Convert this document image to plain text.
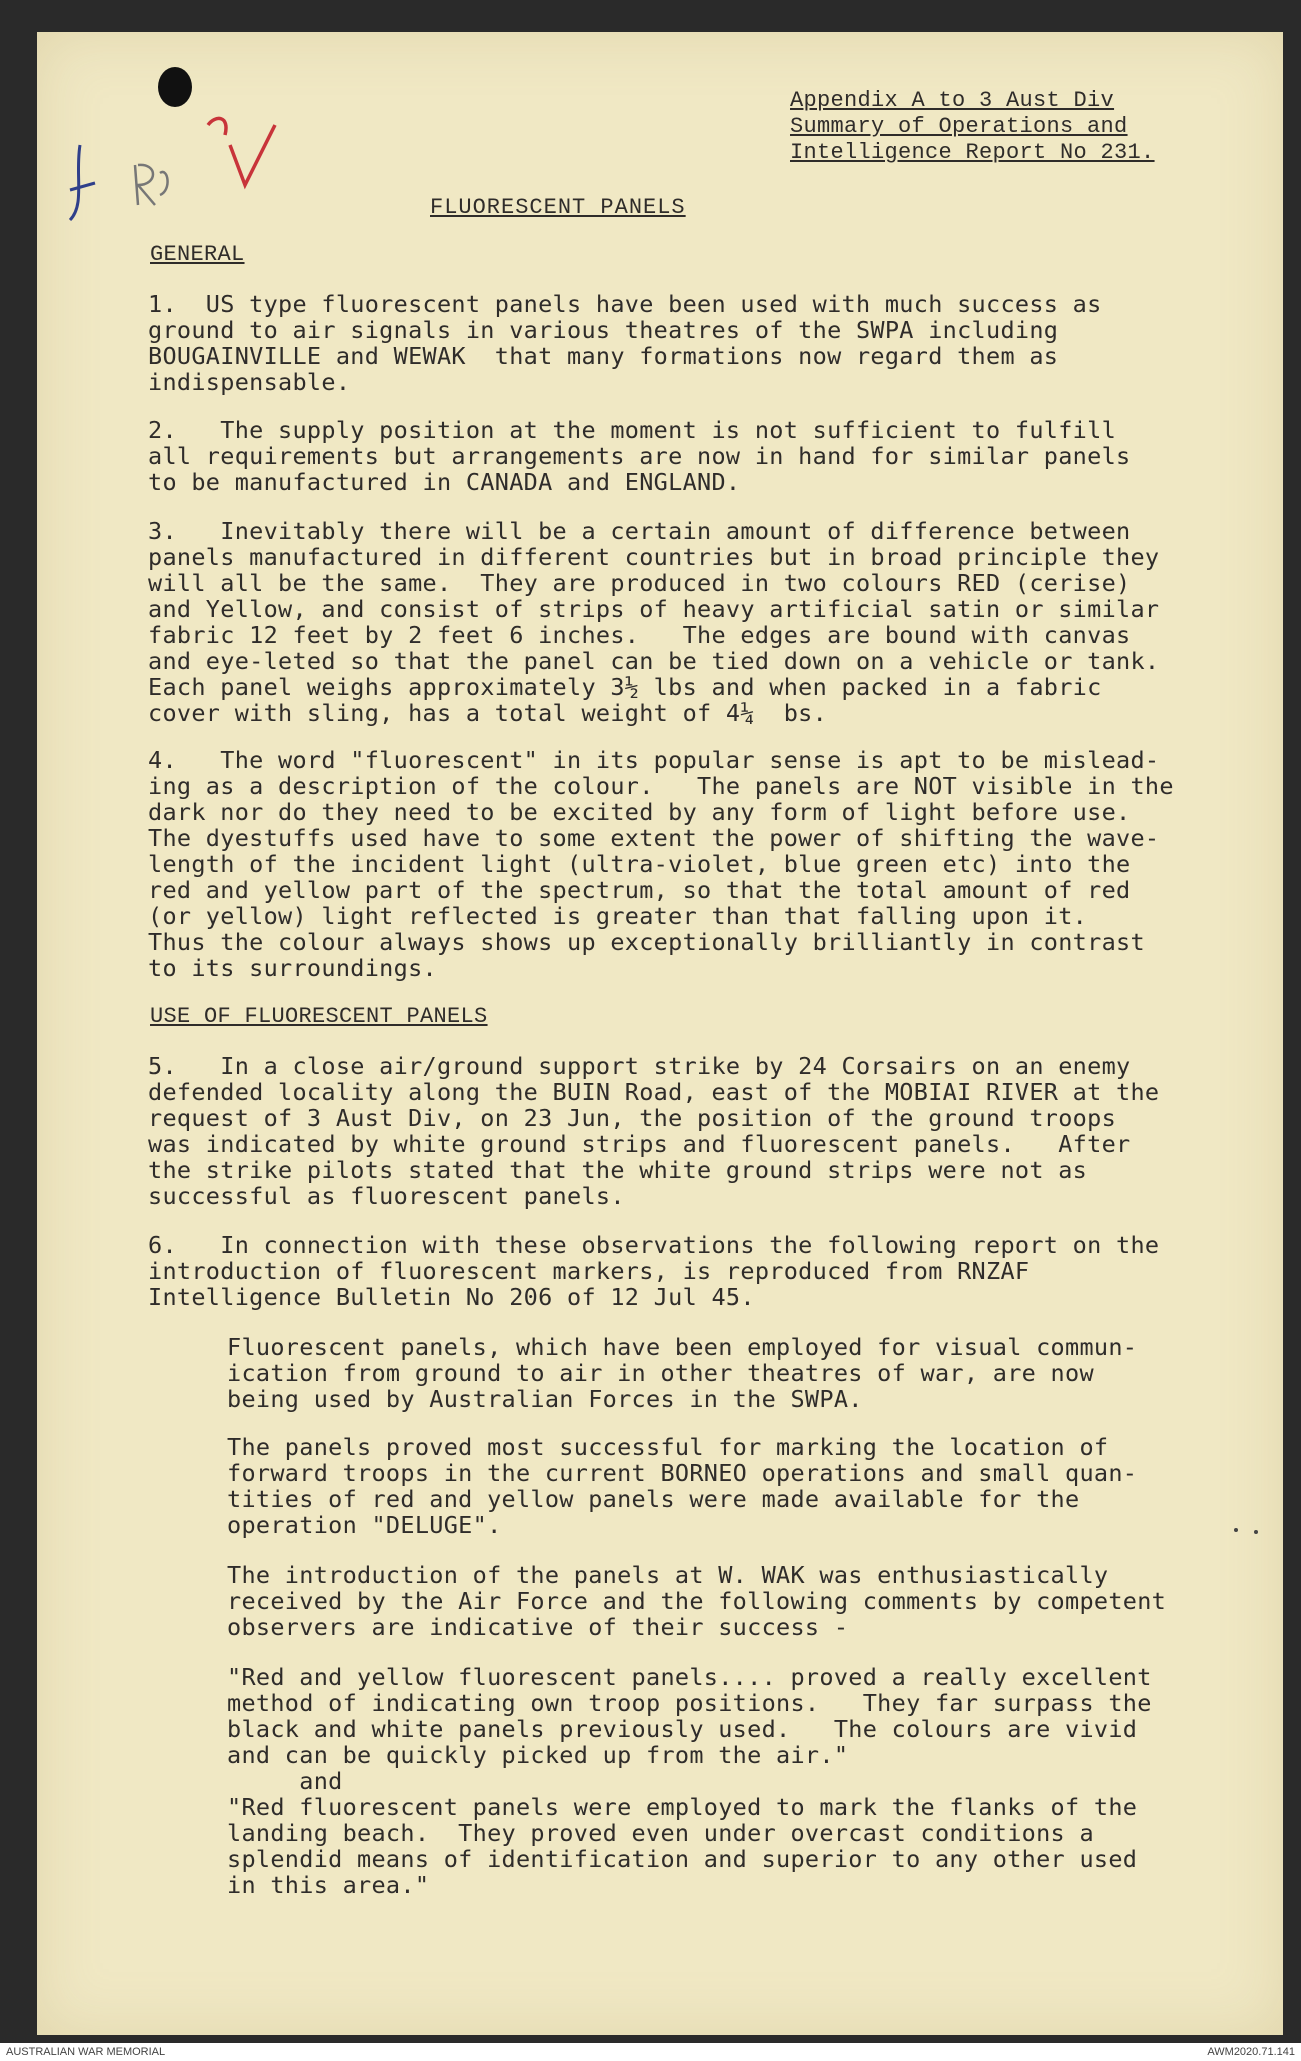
Appendix A to 3 Aust Div
Summary of Operations and
Intelligence Report No 231.
FLUORESCENT PANELS
GENERAL
1.  US type fluorescent panels have been used with much success as
ground to air signals in various theatres of the SWPA including
BOUGAINVILLE and WEWAK  that many formations now regard them as
indispensable.
2.   The supply position at the moment is not sufficient to fulfill
all requirements but arrangements are now in hand for similar panels
to be manufactured in CANADA and ENGLAND.
3.   Inevitably there will be a certain amount of difference between
panels manufactured in different countries but in broad principle they
will all be the same.  They are produced in two colours RED (cerise)
and Yellow, and consist of strips of heavy artificial satin or similar
fabric 12 feet by 2 feet 6 inches.   The edges are bound with canvas
and eye-leted so that the panel can be tied down on a vehicle or tank.
Each panel weighs approximately 3½ lbs and when packed in a fabric
cover with sling, has a total weight of 4¼  bs.
4.   The word "fluorescent" in its popular sense is apt to be mislead-
ing as a description of the colour.   The panels are NOT visible in the
dark nor do they need to be excited by any form of light before use.
The dyestuffs used have to some extent the power of shifting the wave-
length of the incident light (ultra-violet, blue green etc) into the
red and yellow part of the spectrum, so that the total amount of red
(or yellow) light reflected is greater than that falling upon it.
Thus the colour always shows up exceptionally brilliantly in contrast
to its surroundings.
USE OF FLUORESCENT PANELS
5.   In a close air/ground support strike by 24 Corsairs on an enemy
defended locality along the BUIN Road, east of the MOBIAI RIVER at the
request of 3 Aust Div, on 23 Jun, the position of the ground troops
was indicated by white ground strips and fluorescent panels.   After
the strike pilots stated that the white ground strips were not as
successful as fluorescent panels.
6.   In connection with these observations the following report on the
introduction of fluorescent markers, is reproduced from RNZAF
Intelligence Bulletin No 206 of 12 Jul 45.
Fluorescent panels, which have been employed for visual commun-
ication from ground to air in other theatres of war, are now
being used by Australian Forces in the SWPA.
The panels proved most successful for marking the location of
forward troops in the current BORNEO operations and small quan-
tities of red and yellow panels were made available for the
operation "DELUGE".
The introduction of the panels at W. WAK was enthusiastically
received by the Air Force and the following comments by competent
observers are indicative of their success -
"Red and yellow fluorescent panels.... proved a really excellent
method of indicating own troop positions.   They far surpass the
black and white panels previously used.   The colours are vivid
and can be quickly picked up from the air."
and
"Red fluorescent panels were employed to mark the flanks of the
landing beach.  They proved even under overcast conditions a
splendid means of identification and superior to any other used
in this area."
AUSTRALIAN WAR MEMORIAL	AWM2020.71.141
